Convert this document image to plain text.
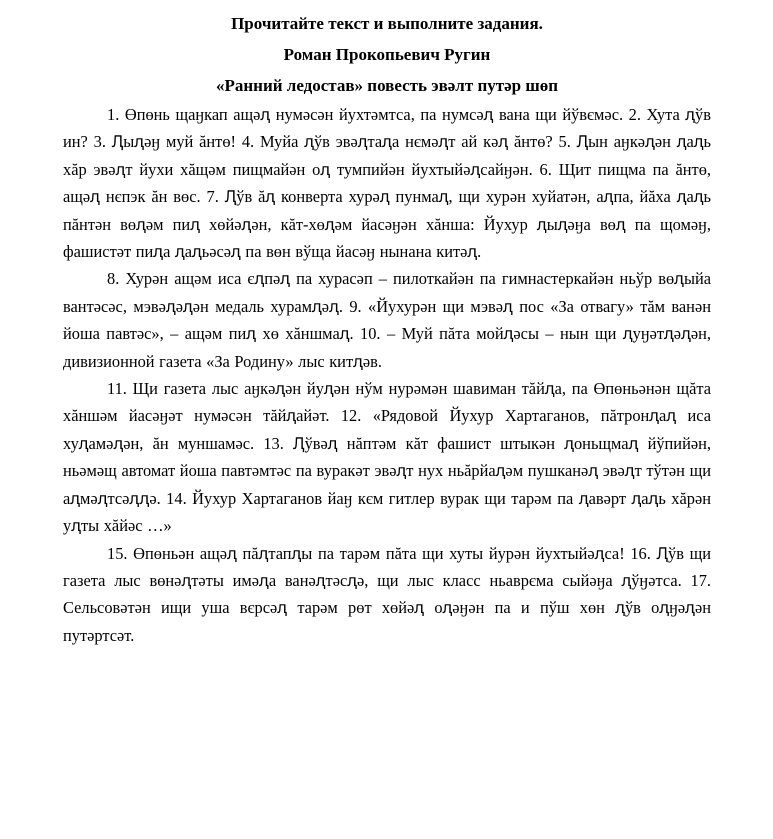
Прочитайте текст и выполните задания.

Роман Прокопьевич Ругин

«Ранний ледостав» повесть эвәлт путәр шөп

1. Өпөнь щаӈкап ащәԯ нумәсән йухтәмтса, па нумсәԯ вана щи йўвємәс. 2. Хута ԯўв ин? 3. Ԯыԯәӈ муй ăнтө! 4. Муйа ԯўв эвәԯтаԯа нємәԯт ай кәԯ ăнтө? 5. Ԯын аӈкәԯән ԯаԯь хăр эвәԯт йухи хăщәм пищмайән оԯ тумпийән йухтыйәԯсайӈән. 6. Щит пищма па ăнтө, ащәԯ нєпэк ăн вөс. 7. Ԯўв ăԯ конверта хурәԯ пунмаԯ, щи хурән хуйатән, аԯпа, йăха ԯаԯь пăнтән вөԯәм пиԯ хөйәԯән, кăт-хөԯәм йасәӈән хăнша: Йухур ԯыԯәӈа вөԯ па щомәӈ, фашистәт пиԯа ԯаԯьәсәԯ па вөн вўща йасәӈ нынана китәԯ.

8. Хурән ащәм иса єԯпәԯ па хурасәп – пилоткайән па гимнастеркайән ньўр вөԯыйа вантәсәс, мэвәԯәԯән медаль хурамԯәԯ. 9. «Йухурән щи мэвәԯ пос «За отвагу» тăм ванән йоша павтәс», – ащәм пиԯ хө хăншмаԯ. 10. – Муй пăта мойԯәсы – нын щи ԯуӈәтԯәԯән, дивизионной газета «За Родину» лыс китԯәв.

11. Щи газета лыс аӈкәԯән йуԯән нўм нурәмән шавиман тăйԯа, па Өпөньәнән щăта хăншәм йасәӈәт нумәсән тăйԯайәт. 12. «Рядовой Йухур Хартаганов, пăтронԯаԯ иса хуԯамәԯән, ăн муншамәс. 13. Ԯўвәԯ нăптәм кăт фашист штыкән ԯоньщмаԯ йўпийән, ньәмәщ автомат йоша павтәмтәс па вуракәт эвәԯт нух ньăрйаԯәм пушканәԯ эвәԯт тўтән щи аԯмәԯтсәԯԯә. 14. Йухур Хартаганов йаӈ кєм гитлер вурак щи тарәм па ԯавәрт ԯаԯь хăрән уԯты хăйәс …»

15. Өпөньән ащәԯ пăԯтапԯы па тарәм пăта щи хуты йурән йухтыйәԯса! 16. Ԯўв щи газета лыс вөнәԯтәты имәԯа ванәԯтәсԯә, щи лыс класс ньаврєма сыйәӈа ԯўӈәтса. 17. Сельсовәтән ищи уша вєрсәԯ тарәм рөт хөйәԯ оԯәӈән па и пўш хөн ԯўв оԯӈәԯән путәртсәт.
